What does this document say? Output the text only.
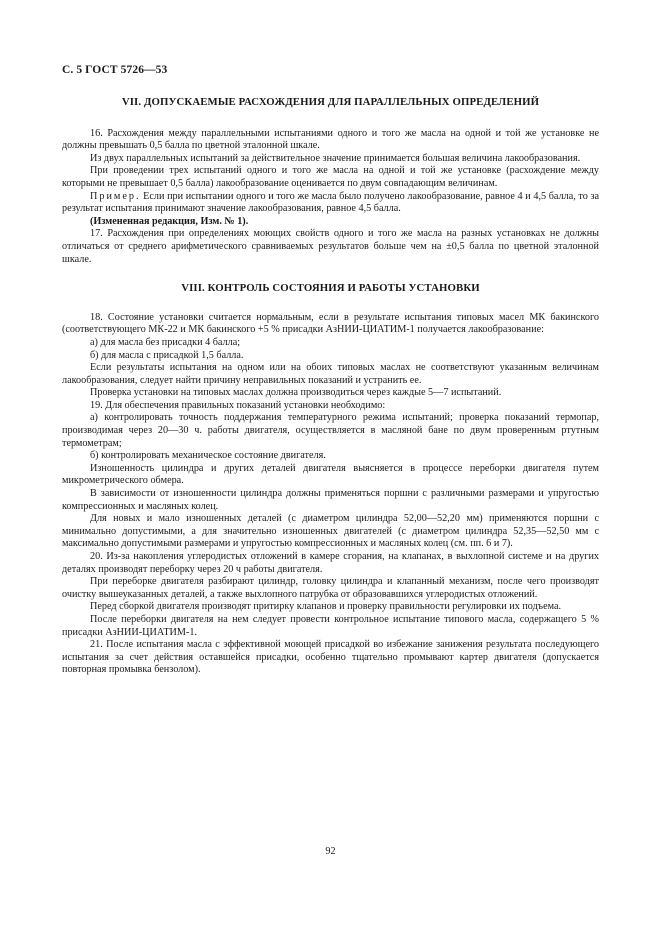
С. 5 ГОСТ 5726—53
VII. ДОПУСКАЕМЫЕ РАСХОЖДЕНИЯ ДЛЯ ПАРАЛЛЕЛЬНЫХ ОПРЕДЕЛЕНИЙ

16. Расхождения между параллельными испытаниями одного и того же масла на одной и той же установке не должны превышать 0,5 балла по цветной эталонной шкале.

Из двух параллельных испытаний за действительное значение принимается большая величина лакообразования.

При проведении трех испытаний одного и того же масла на одной и той же установке (расхождение между которыми не превышает 0,5 балла) лакообразование оценивается по двум совпадающим величинам.

Пример. Если при испытании одного и того же масла было получено лакообразование, равное 4 и 4,5 балла, то за результат испытания принимают значение лакообразования, равное 4,5 балла.

(Измененная редакция, Изм. № 1).

17. Расхождения при определениях моющих свойств одного и того же масла на разных установках не должны отличаться от среднего арифметического сравниваемых результатов больше чем на ±0,5 балла по цветной эталонной шкале.

VIII. КОНТРОЛЬ СОСТОЯНИЯ И РАБОТЫ УСТАНОВКИ

18. Состояние установки считается нормальным, если в результате испытания типовых масел МК бакинского (соответствующего МК-22 и МК бакинского +5 % присадки АзНИИ-ЦИАТИМ-1 получается лакообразование:

а) для масла без присадки 4 балла;

б) для масла с присадкой 1,5 балла.

Если результаты испытания на одном или на обоих типовых маслах не соответствуют указанным величинам лакообразования, следует найти причину неправильных показаний и устранить ее.

Проверка установки на типовых маслах должна производиться через каждые 5—7 испытаний.

19. Для обеспечения правильных показаний установки необходимо:

а) контролировать точность поддержания температурного режима испытаний; проверка показаний термопар, производимая через 20—30 ч. работы двигателя, осуществляется в масляной бане по двум проверенным ртутным термометрам;

б) контролировать механическое состояние двигателя.

Изношенность цилиндра и других деталей двигателя выясняется в процессе переборки двигателя путем микрометрического обмера.

В зависимости от изношенности цилиндра должны применяться поршни с различными размерами и упругостью компрессионных и масляных колец.

Для новых и мало изношенных деталей (с диаметром цилиндра 52,00—52,20 мм) применяются поршни с минимально допустимыми, а для значительно изношенных двигателей (с диаметром цилиндра 52,35—52,50 мм с максимально допустимыми размерами и упругостью компрессионных и масляных колец (см. пп. 6 и 7).

20. Из-за накопления углеродистых отложений в камере сгорания, на клапанах, в выхлопной системе и на других деталях производят переборку через 20 ч работы двигателя.

При переборке двигателя разбирают цилиндр, головку цилиндра и клапанный механизм, после чего производят очистку вышеуказанных деталей, а также выхлопного патрубка от образовавшихся углеродистых отложений.

Перед сборкой двигателя производят притирку клапанов и проверку правильности регулировки их подъема.

После переборки двигателя на нем следует провести контрольное испытание типового масла, содержащего 5 % присадки АзНИИ-ЦИАТИМ-1.

21. После испытания масла с эффективной моющей присадкой во избежание занижения результата последующего испытания за счет действия оставшейся присадки, особенно тщательно промывают картер двигателя (допускается повторная промывка бензолом).

92
